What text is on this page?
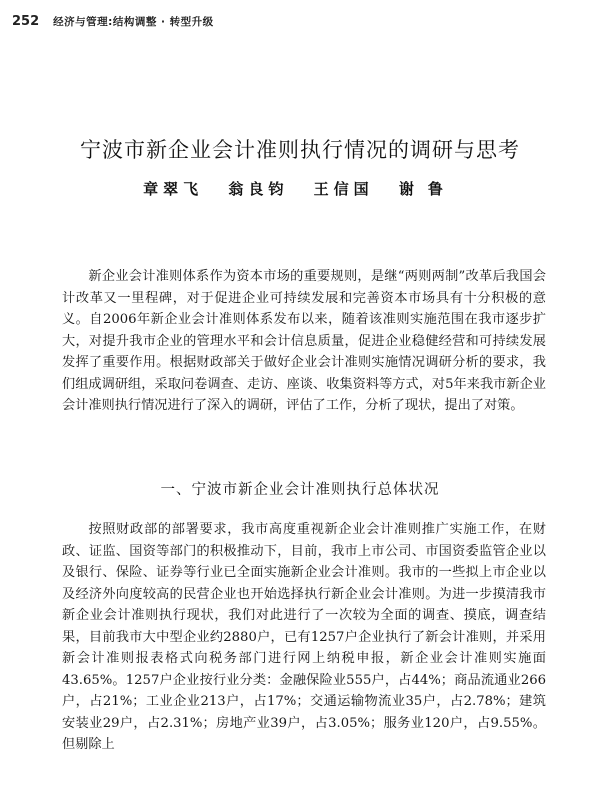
252 经济与管理:结构调整 · 转型升级
宁波市新企业会计准则执行情况的调研与思考
章翠飞 翁良钧 王信国 谢鲁

新企业会计准则体系作为资本市场的重要规则，是继“两则两制”改革后我国会计改革又一里程碑，对于促进企业可持续发展和完善资本市场具有十分积极的意义。自2006年新企业会计准则体系发布以来，随着该准则实施范围在我市逐步扩大，对提升我市企业的管理水平和会计信息质量，促进企业稳健经营和可持续发展发挥了重要作用。根据财政部关于做好企业会计准则实施情况调研分析的要求，我们组成调研组，采取问卷调查、走访、座谈、收集资料等方式，对5年来我市新企业会计准则执行情况进行了深入的调研，评估了工作，分析了现状，提出了对策。

一、宁波市新企业会计准则执行总体状况

按照财政部的部署要求，我市高度重视新企业会计准则推广实施工作，在财政、证监、国资等部门的积极推动下，目前，我市上市公司、市国资委监管企业以及银行、保险、证券等行业已全面实施新企业会计准则。我市的一些拟上市企业以及经济外向度较高的民营企业也开始选择执行新企业会计准则。为进一步摸清我市新企业会计准则执行现状，我们对此进行了一次较为全面的调查、摸底，调查结果，目前我市大中型企业约2880户，已有1257户企业执行了新会计准则，并采用新会计准则报表格式向税务部门进行网上纳税申报，新企业会计准则实施面43.65%。1257户企业按行业分类：金融保险业555户，占44%；商品流通业266户，占21%；工业企业213户，占17%；交通运输物流业35户，占2.78%；建筑安装业29户，占2.31%；房地产业39户，占3.05%；服务业120户，占9.55%。但剔除上
